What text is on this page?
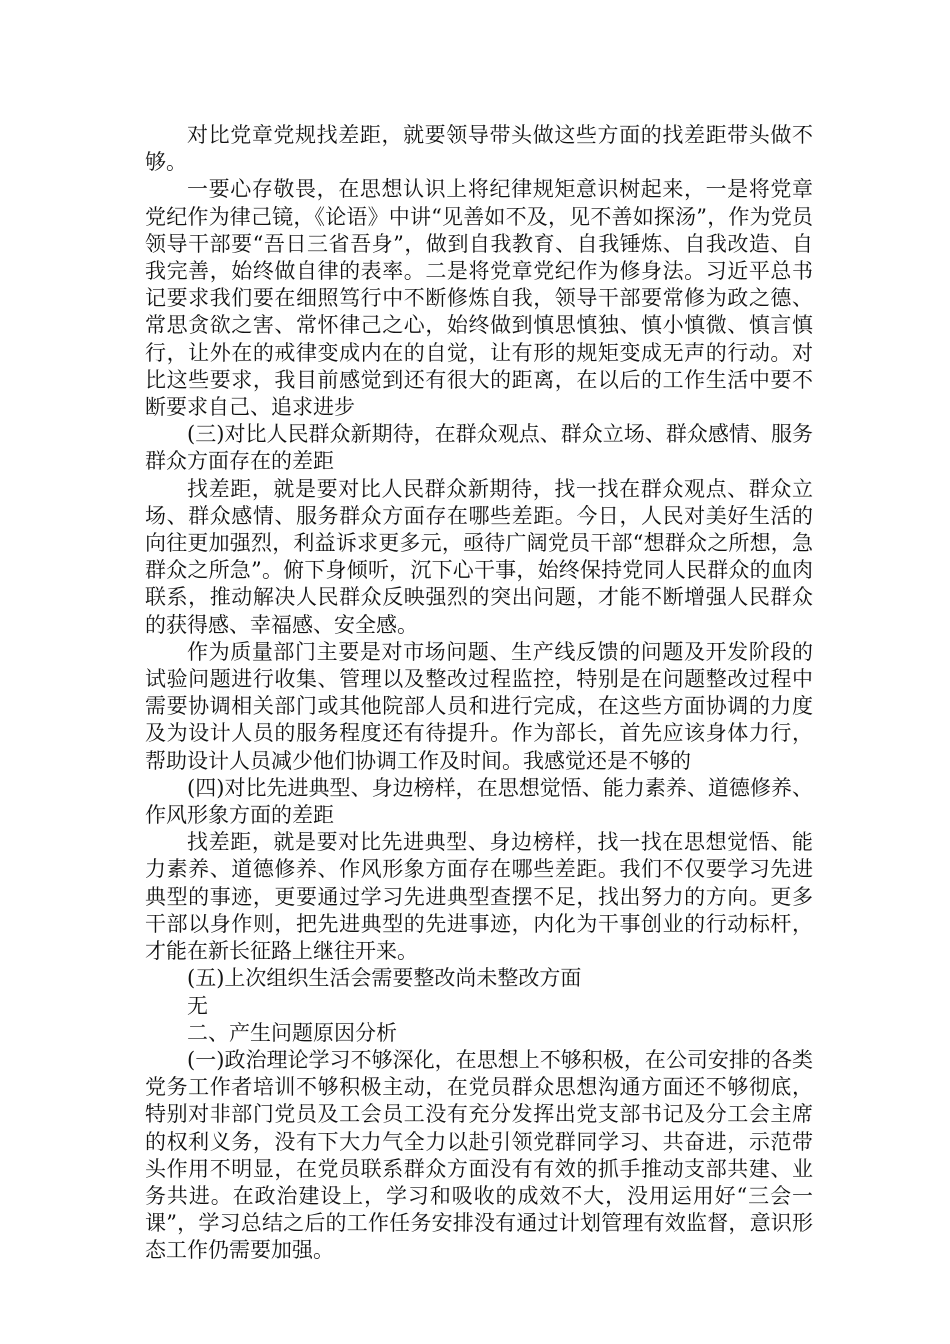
对比党章党规找差距，就要领导带头做这些方面的找差距带头做不够。

一要心存敬畏，在思想认识上将纪律规矩意识树起来，一是将党章党纪作为律己镜，《论语》中讲“见善如不及，见不善如探汤”，作为党员领导干部要“吾日三省吾身”，做到自我教育、自我锤炼、自我改造、自我完善，始终做自律的表率。二是将党章党纪作为修身法。习近平总书记要求我们要在细照笃行中不断修炼自我，领导干部要常修为政之德、常思贪欲之害、常怀律己之心，始终做到慎思慎独、慎小慎微、慎言慎行，让外在的戒律变成内在的自觉，让有形的规矩变成无声的行动。对比这些要求，我目前感觉到还有很大的距离，在以后的工作生活中要不断要求自己、追求进步

(三)对比人民群众新期待，在群众观点、群众立场、群众感情、服务群众方面存在的差距

找差距，就是要对比人民群众新期待，找一找在群众观点、群众立场、群众感情、服务群众方面存在哪些差距。今日，人民对美好生活的向往更加强烈，利益诉求更多元，亟待广阔党员干部“想群众之所想，急群众之所急”。俯下身倾听，沉下心干事，始终保持党同人民群众的血肉联系，推动解决人民群众反映强烈的突出问题，才能不断增强人民群众的获得感、幸福感、安全感。

作为质量部门主要是对市场问题、生产线反馈的问题及开发阶段的试验问题进行收集、管理以及整改过程监控，特别是在问题整改过程中需要协调相关部门或其他院部人员和进行完成，在这些方面协调的力度及为设计人员的服务程度还有待提升。作为部长，首先应该身体力行，帮助设计人员减少他们协调工作及时间。我感觉还是不够的

(四)对比先进典型、身边榜样，在思想觉悟、能力素养、道德修养、作风形象方面的差距

找差距，就是要对比先进典型、身边榜样，找一找在思想觉悟、能力素养、道德修养、作风形象方面存在哪些差距。我们不仅要学习先进典型的事迹，更要通过学习先进典型查摆不足，找出努力的方向。更多干部以身作则，把先进典型的先进事迹，内化为干事创业的行动标杆，才能在新长征路上继往开来。

(五)上次组织生活会需要整改尚未整改方面

无

二、产生问题原因分析

(一)政治理论学习不够深化，在思想上不够积极，在公司安排的各类党务工作者培训不够积极主动，在党员群众思想沟通方面还不够彻底，特别对非部门党员及工会员工没有充分发挥出党支部书记及分工会主席的权利义务，没有下大力气全力以赴引领党群同学习、共奋进，示范带头作用不明显，在党员联系群众方面没有有效的抓手推动支部共建、业务共进。在政治建设上，学习和吸收的成效不大，没用运用好“三会一课”，学习总结之后的工作任务安排没有通过计划管理有效监督，意识形态工作仍需要加强。
